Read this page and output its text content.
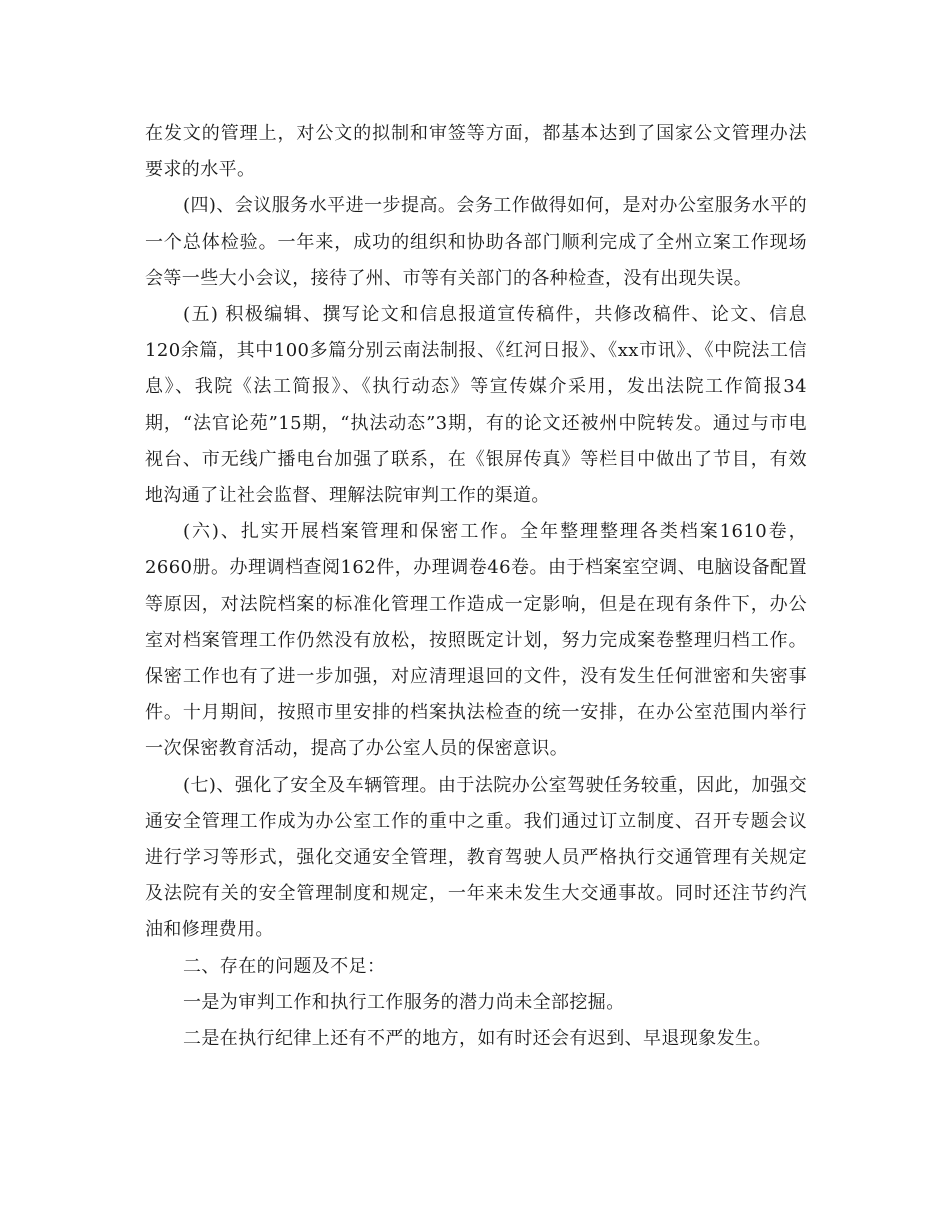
在发文的管理上，对公文的拟制和审签等方面，都基本达到了国家公文管理办法要求的水平。

(四)、会议服务水平进一步提高。会务工作做得如何，是对办公室服务水平的一个总体检验。一年来，成功的组织和协助各部门顺利完成了全州立案工作现场会等一些大小会议，接待了州、市等有关部门的各种检查，没有出现失误。

(五) 积极编辑、撰写论文和信息报道宣传稿件，共修改稿件、论文、信息120余篇，其中100多篇分别云南法制报、《红河日报》、《xx市讯》、《中院法工信息》、我院《法工简报》、《执行动态》等宣传媒介采用，发出法院工作简报34期，“法官论苑”15期，“执法动态”3期，有的论文还被州中院转发。通过与市电视台、市无线广播电台加强了联系，在《银屏传真》等栏目中做出了节目，有效地沟通了让社会监督、理解法院审判工作的渠道。

(六)、扎实开展档案管理和保密工作。全年整理整理各类档案1610卷，2660册。办理调档查阅162件，办理调卷46卷。由于档案室空调、电脑设备配置等原因，对法院档案的标准化管理工作造成一定影响，但是在现有条件下，办公室对档案管理工作仍然没有放松，按照既定计划，努力完成案卷整理归档工作。保密工作也有了进一步加强，对应清理退回的文件，没有发生任何泄密和失密事件。十月期间，按照市里安排的档案执法检查的统一安排，在办公室范围内举行一次保密教育活动，提高了办公室人员的保密意识。

(七)、强化了安全及车辆管理。由于法院办公室驾驶任务较重，因此，加强交通安全管理工作成为办公室工作的重中之重。我们通过订立制度、召开专题会议进行学习等形式，强化交通安全管理，教育驾驶人员严格执行交通管理有关规定及法院有关的安全管理制度和规定，一年来未发生大交通事故。同时还注节约汽油和修理费用。

二、存在的问题及不足：

一是为审判工作和执行工作服务的潜力尚未全部挖掘。

二是在执行纪律上还有不严的地方，如有时还会有迟到、早退现象发生。
